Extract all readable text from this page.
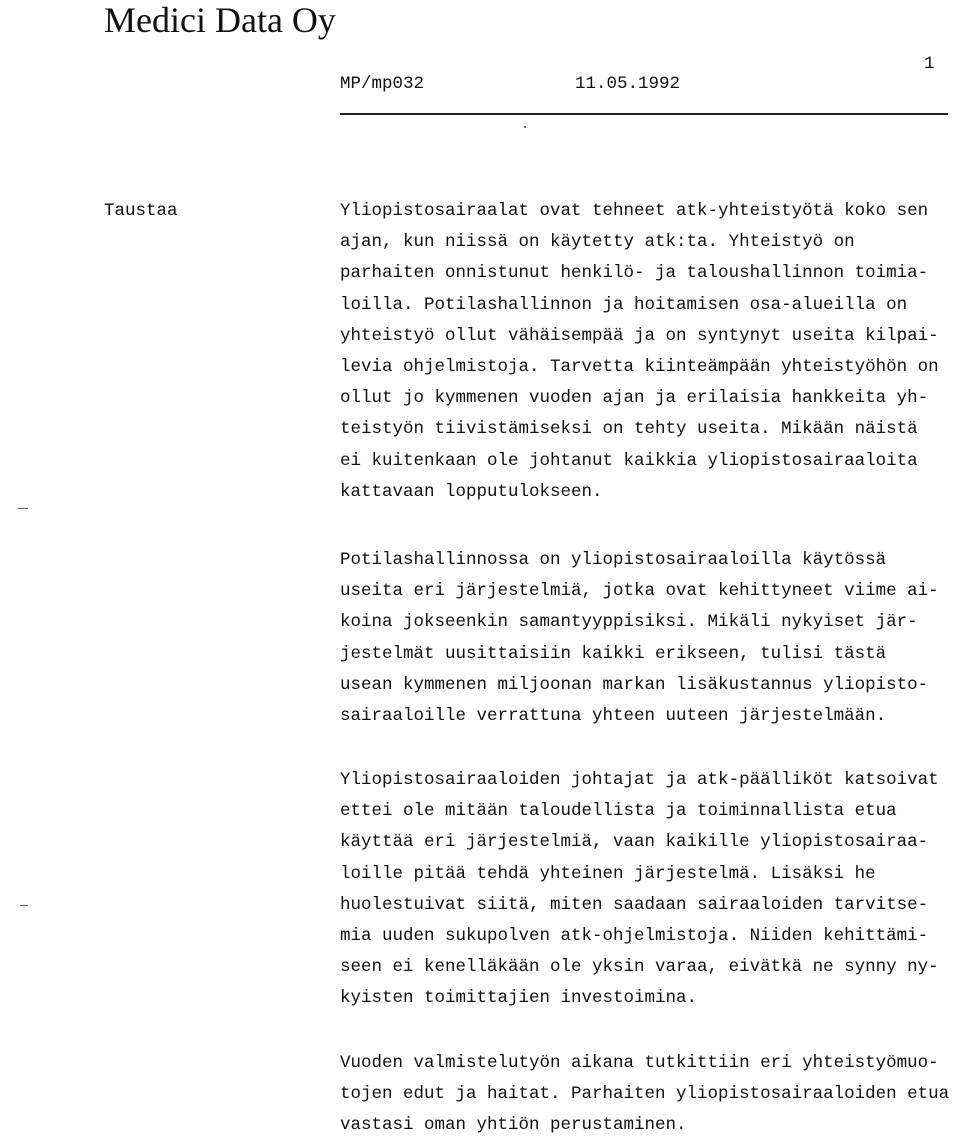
Medici Data Oy
1
MP/mp032	11.05.1992
Taustaa	Yliopistosairaalat ovat tehneet atk-yhteistyötä koko sen
ajan, kun niissä on käytetty atk:ta. Yhteistyö on
parhaiten onnistunut henkilö- ja taloushallinnon toimia-
loilla. Potilashallinnon ja hoitamisen osa-alueilla on
yhteistyö ollut vähäisempää ja on syntynyt useita kilpai-
levia ohjelmistoja. Tarvetta kiinteämpään yhteistyöhön on
ollut jo kymmenen vuoden ajan ja erilaisia hankkeita yh-
teistyön tiivistämiseksi on tehty useita. Mikään näistä
ei kuitenkaan ole johtanut kaikkia yliopistosairaaloita
kattavaan lopputulokseen.
Potilashallinnossa on yliopistosairaaloilla käytössä
useita eri järjestelmiä, jotka ovat kehittyneet viime ai-
koina jokseenkin samantyyppisiksi. Mikäli nykyiset jär-
jestelmät uusittaisiin kaikki erikseen, tulisi tästä
usean kymmenen miljoonan markan lisäkustannus yliopisto-
sairaaloille verrattuna yhteen uuteen järjestelmään.
Yliopistosairaaloiden johtajat ja atk-päälliköt katsoivat
ettei ole mitään taloudellista ja toiminnallista etua
käyttää eri järjestelmiä, vaan kaikille yliopistosairaa-
loille pitää tehdä yhteinen järjestelmä. Lisäksi he
huolestuivat siitä, miten saadaan sairaaloiden tarvitse-
mia uuden sukupolven atk-ohjelmistoja. Niiden kehittämi-
seen ei kenelläkään ole yksin varaa, eivätkä ne synny ny-
kyisten toimittajien investoimina.
Vuoden valmistelutyön aikana tutkittiin eri yhteistyömuo-
tojen edut ja haitat. Parhaiten yliopistosairaaloiden etua
vastasi oman yhtiön perustaminen.
